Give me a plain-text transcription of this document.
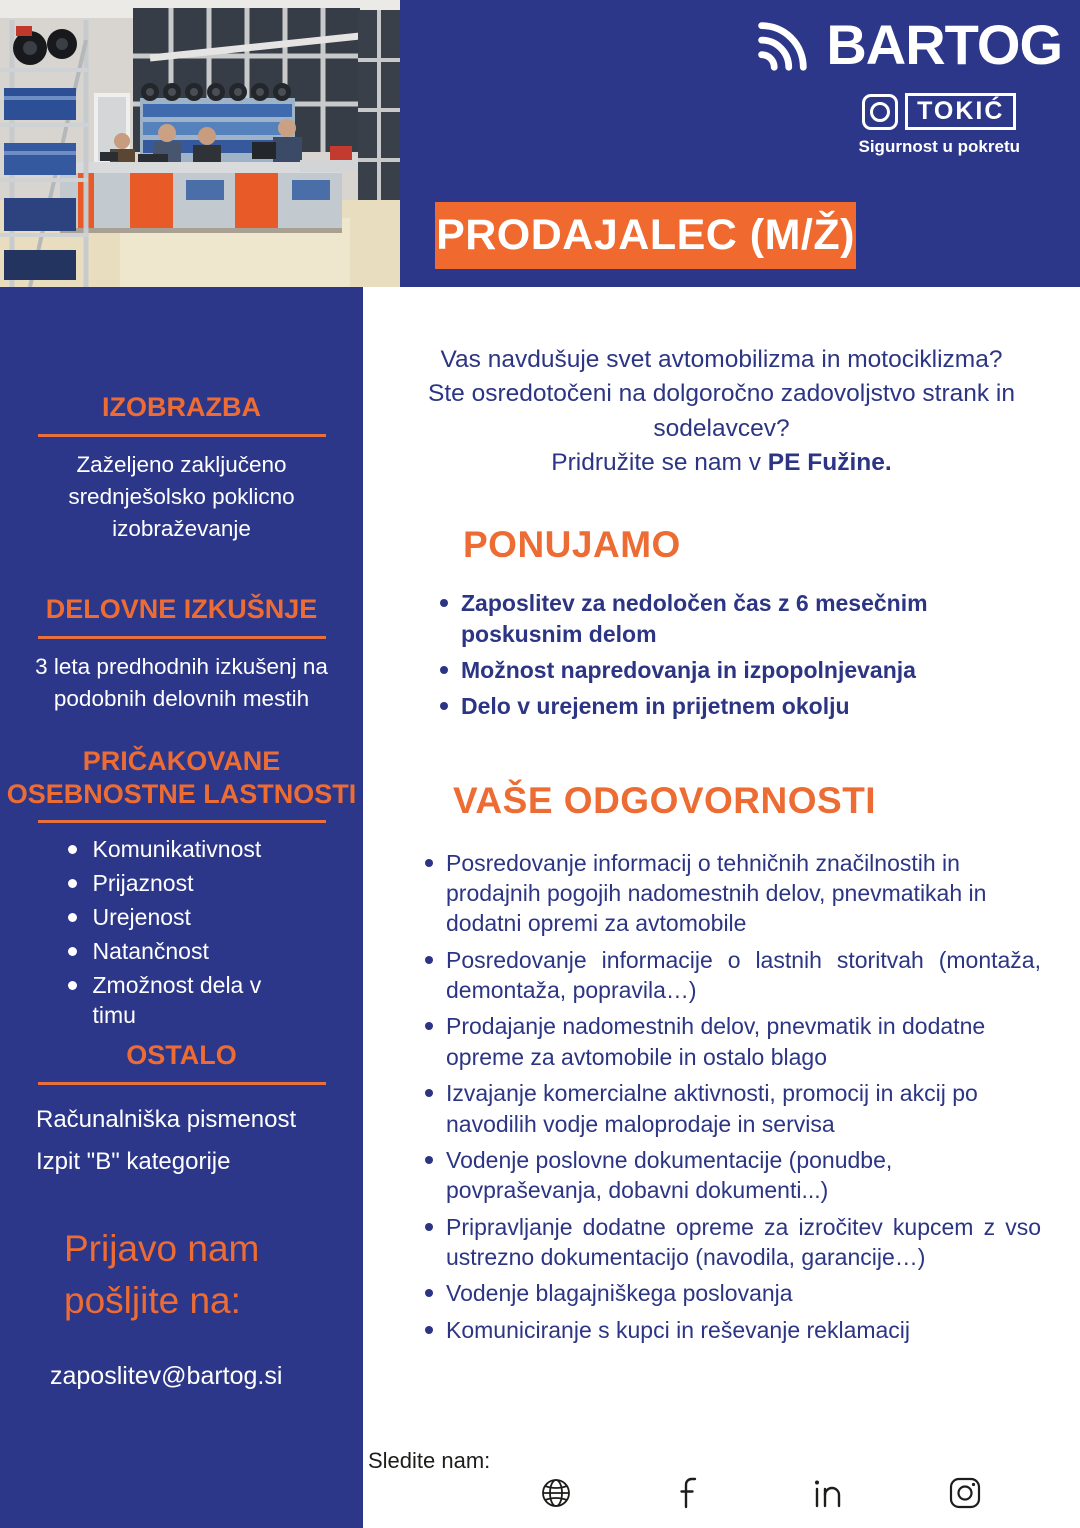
BARTOG
TOKIĆ
Sigurnost u pokretu
PRODAJALEC (M/Ž)
IZOBRAZBA

Zaželjeno zaključeno srednješolsko poklicno izobraževanje

DELOVNE IZKUŠNJE

3 leta predhodnih izkušenj na podobnih delovnih mestih

PRIČAKOVANE OSEBNOSTNE LASTNOSTI
Komunikativnost
Prijaznost
Urejenost
Natančnost
Zmožnost dela v timu
OSTALO
Računalniška pismenost
Izpit "B" kategorije
Prijavo nam pošljite na:
zaposlitev@bartog.si
Vas navdušuje svet avtomobilizma in motociklizma?
Ste osredotočeni na dolgoročno zadovoljstvo strank in sodelavcev?
Pridružite se nam v PE Fužine.
PONUJAMO
Zaposlitev za nedoločen čas z 6 mesečnim poskusnim delom
Možnost napredovanja in izpopolnjevanja
Delo v urejenem in prijetnem okolju
VAŠE ODGOVORNOSTI
Posredovanje informacij o tehničnih značilnostih in prodajnih pogojih nadomestnih delov, pnevmatikah in dodatni opremi za avtomobile
Posredovanje informacije o lastnih storitvah (montaža, demontaža, popravila…)
Prodajanje nadomestnih delov, pnevmatik in dodatne opreme za avtomobile in ostalo blago
Izvajanje komercialne aktivnosti, promocij in akcij po navodilih vodje maloprodaje in servisa
Vodenje poslovne dokumentacije (ponudbe, povpraševanja, dobavni dokumenti...)
Pripravljanje dodatne opreme za izročitev kupcem z vso ustrezno dokumentacijo (navodila, garancije…)
Vodenje blagajniškega poslovanja
Komuniciranje s kupci in reševanje reklamacij
Sledite nam:
